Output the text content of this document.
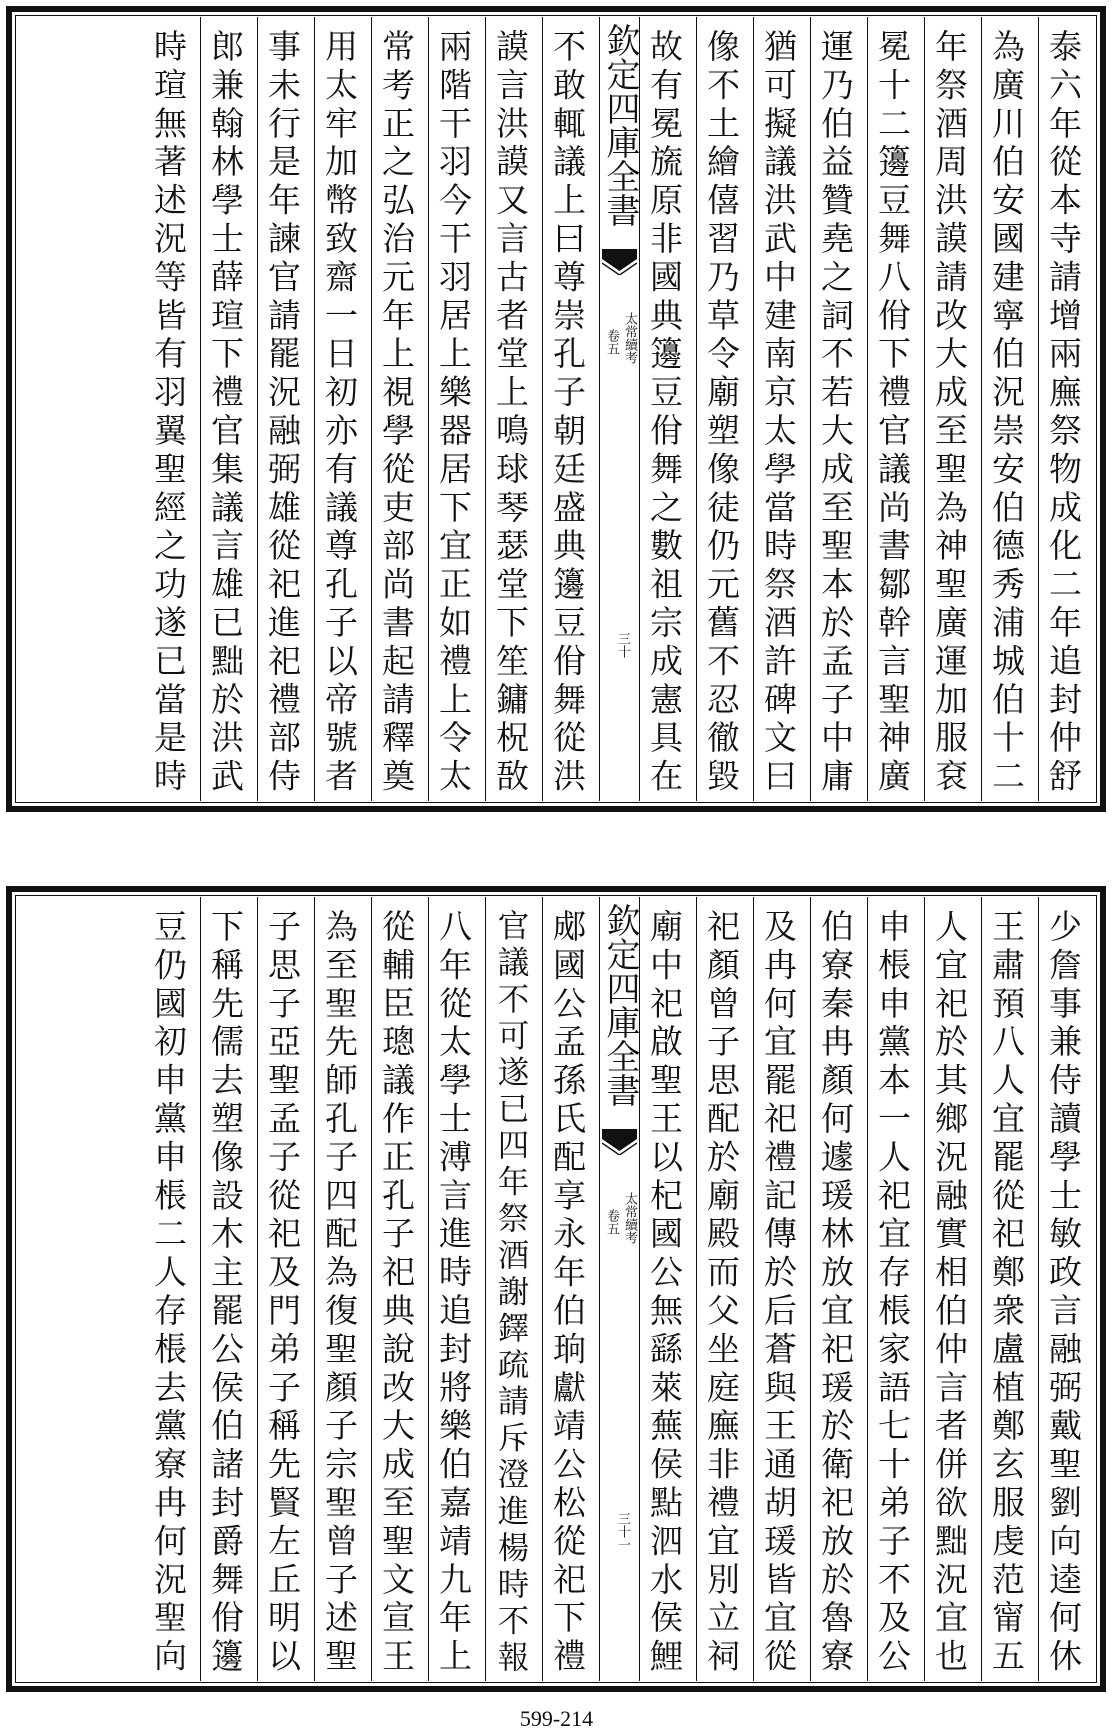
泰六年從本寺請增兩廡祭物成化二年追封仲舒
為廣川伯安國建寧伯況崇安伯德秀浦城伯十二
年祭酒周洪謨請改大成至聖為神聖廣運加服袞
冕十二籩豆舞八佾下禮官議尚書鄒幹言聖神廣
運乃伯益贊堯之詞不若大成至聖本於孟子中庸
猶可擬議洪武中建南京太學當時祭酒許碑文曰
像不土繪僖習乃草令廟塑像徒仍元舊不忍徹毀
故有冕旒原非國典籩豆佾舞之數祖宗成憲具在
欽定四庫全書
太常續考
卷五
三十
不敢輒議上曰尊崇孔子朝廷盛典籩豆佾舞從洪
謨言洪謨又言古者堂上鳴球琴瑟堂下笙鏞柷敔
兩階干羽今干羽居上樂器居下宜正如禮上令太
常考正之弘治元年上視學從吏部尚書起請釋奠
用太牢加幣致齋一日初亦有議尊孔子以帝號者
事未行是年諫官請罷況融弼雄從祀進祀禮部侍
郎兼翰林學士薛瑄下禮官集議言雄已黜於洪武
時瑄無著述況等皆有羽翼聖經之功遂已當是時
少詹事兼侍讀學士敏政言融弼戴聖劉向逵何休
王肅預八人宜罷從祀鄭衆盧植鄭玄服虔范甯五
人宜祀於其鄉況融實相伯仲言者併欲黜況宜也
申棖申黨本一人祀宜存棖家語七十弟子不及公
伯寮秦冉顏何遽瑗林放宜祀瑗於衛祀放於魯寮
及冉何宜罷祀禮記傳於后蒼與王通胡瑗皆宜從
祀顏曾子思配於廟殿而父坐庭廡非禮宜別立祠
廟中祀啟聖王以杞國公無繇萊蕪侯點泗水侯鯉
欽定四庫全書
太常續考
卷五
三十一
郕國公孟孫氏配享永年伯珦獻靖公松從祀下禮
官議不可遂已四年祭酒謝鐸疏請斥澄進楊時不報
八年從太學士溥言進時追封將樂伯嘉靖九年上
從輔臣璁議作正孔子祀典說改大成至聖文宣王
為至聖先師孔子四配為復聖顏子宗聖曾子述聖
子思子亞聖孟子從祀及門弟子稱先賢左丘明以
下稱先儒去塑像設木主罷公侯伯諸封爵舞佾籩
豆仍國初申黨申棖二人存棖去黨寮冉何況聖向
599-214
